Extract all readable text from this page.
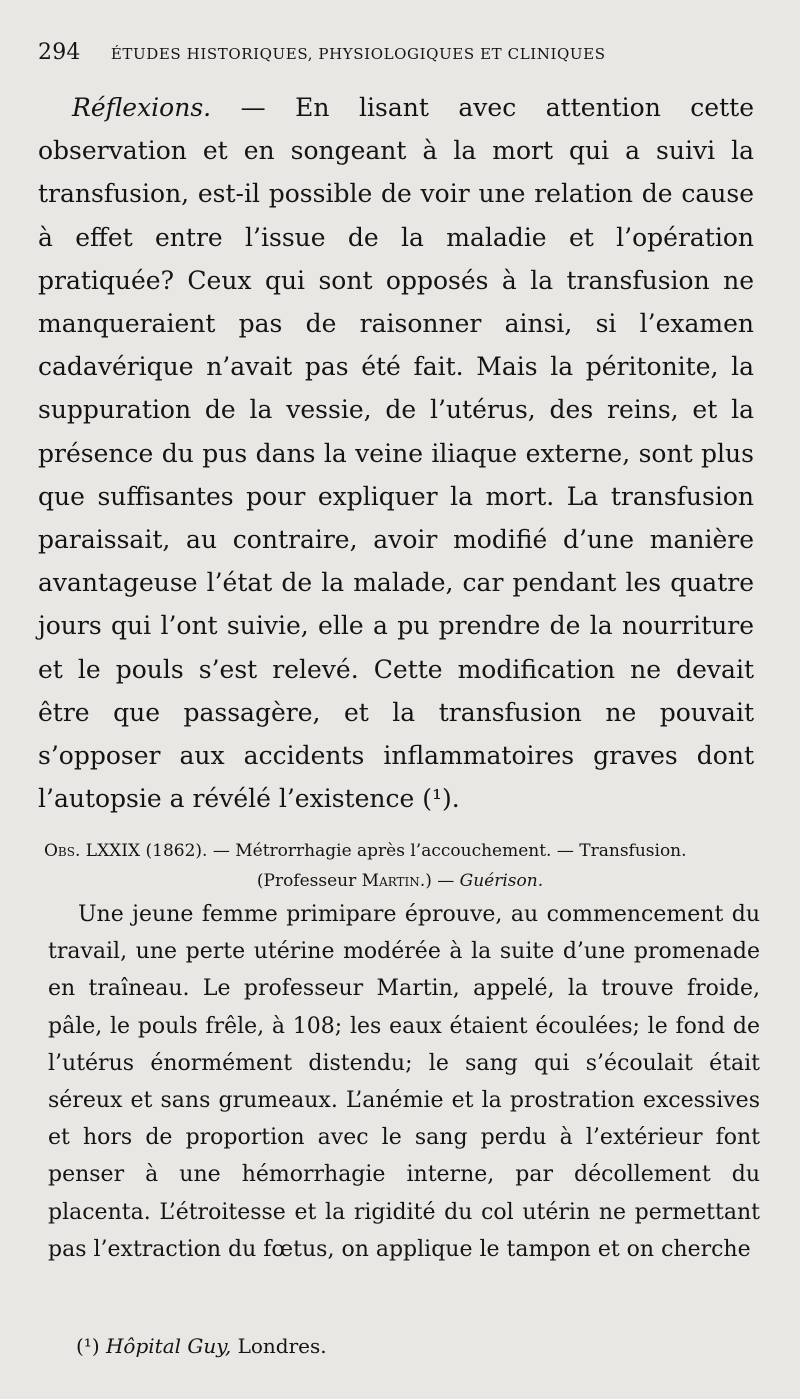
294 ÉTUDES HISTORIQUES, PHYSIOLOGIQUES ET CLINIQUES

Réflexions. — En lisant avec attention cette observation et en songeant à la mort qui a suivi la transfusion, est-il possible de voir une relation de cause à effet entre l’issue de la maladie et l’opération pratiquée? Ceux qui sont opposés à la transfusion ne manqueraient pas de raisonner ainsi, si l’examen cadavérique n’avait pas été fait. Mais la péritonite, la suppuration de la vessie, de l’utérus, des reins, et la présence du pus dans la veine iliaque externe, sont plus que suffisantes pour expliquer la mort. La transfusion paraissait, au contraire, avoir modifié d’une manière avantageuse l’état de la malade, car pendant les quatre jours qui l’ont suivie, elle a pu prendre de la nourriture et le pouls s’est relevé. Cette modification ne devait être que passagère, et la transfusion ne pouvait s’opposer aux accidents inflammatoires graves dont l’autopsie a révélé l’existence (¹).

Obs. LXXIX (1862). — Métrorrhagie après l’accouchement. — Transfusion.
(Professeur Martin.) — Guérison.

Une jeune femme primipare éprouve, au commencement du travail, une perte utérine modérée à la suite d’une promenade en traîneau. Le professeur Martin, appelé, la trouve froide, pâle, le pouls frêle, à 108; les eaux étaient écoulées; le fond de l’utérus énormément distendu; le sang qui s’écoulait était séreux et sans grumeaux. L’anémie et la prostration excessives et hors de proportion avec le sang perdu à l’extérieur font penser à une hémorrhagie interne, par décollement du placenta. L’étroitesse et la rigidité du col utérin ne permettant pas l’extraction du fœtus, on applique le tampon et on cherche

(¹) Hôpital Guy, Londres.
